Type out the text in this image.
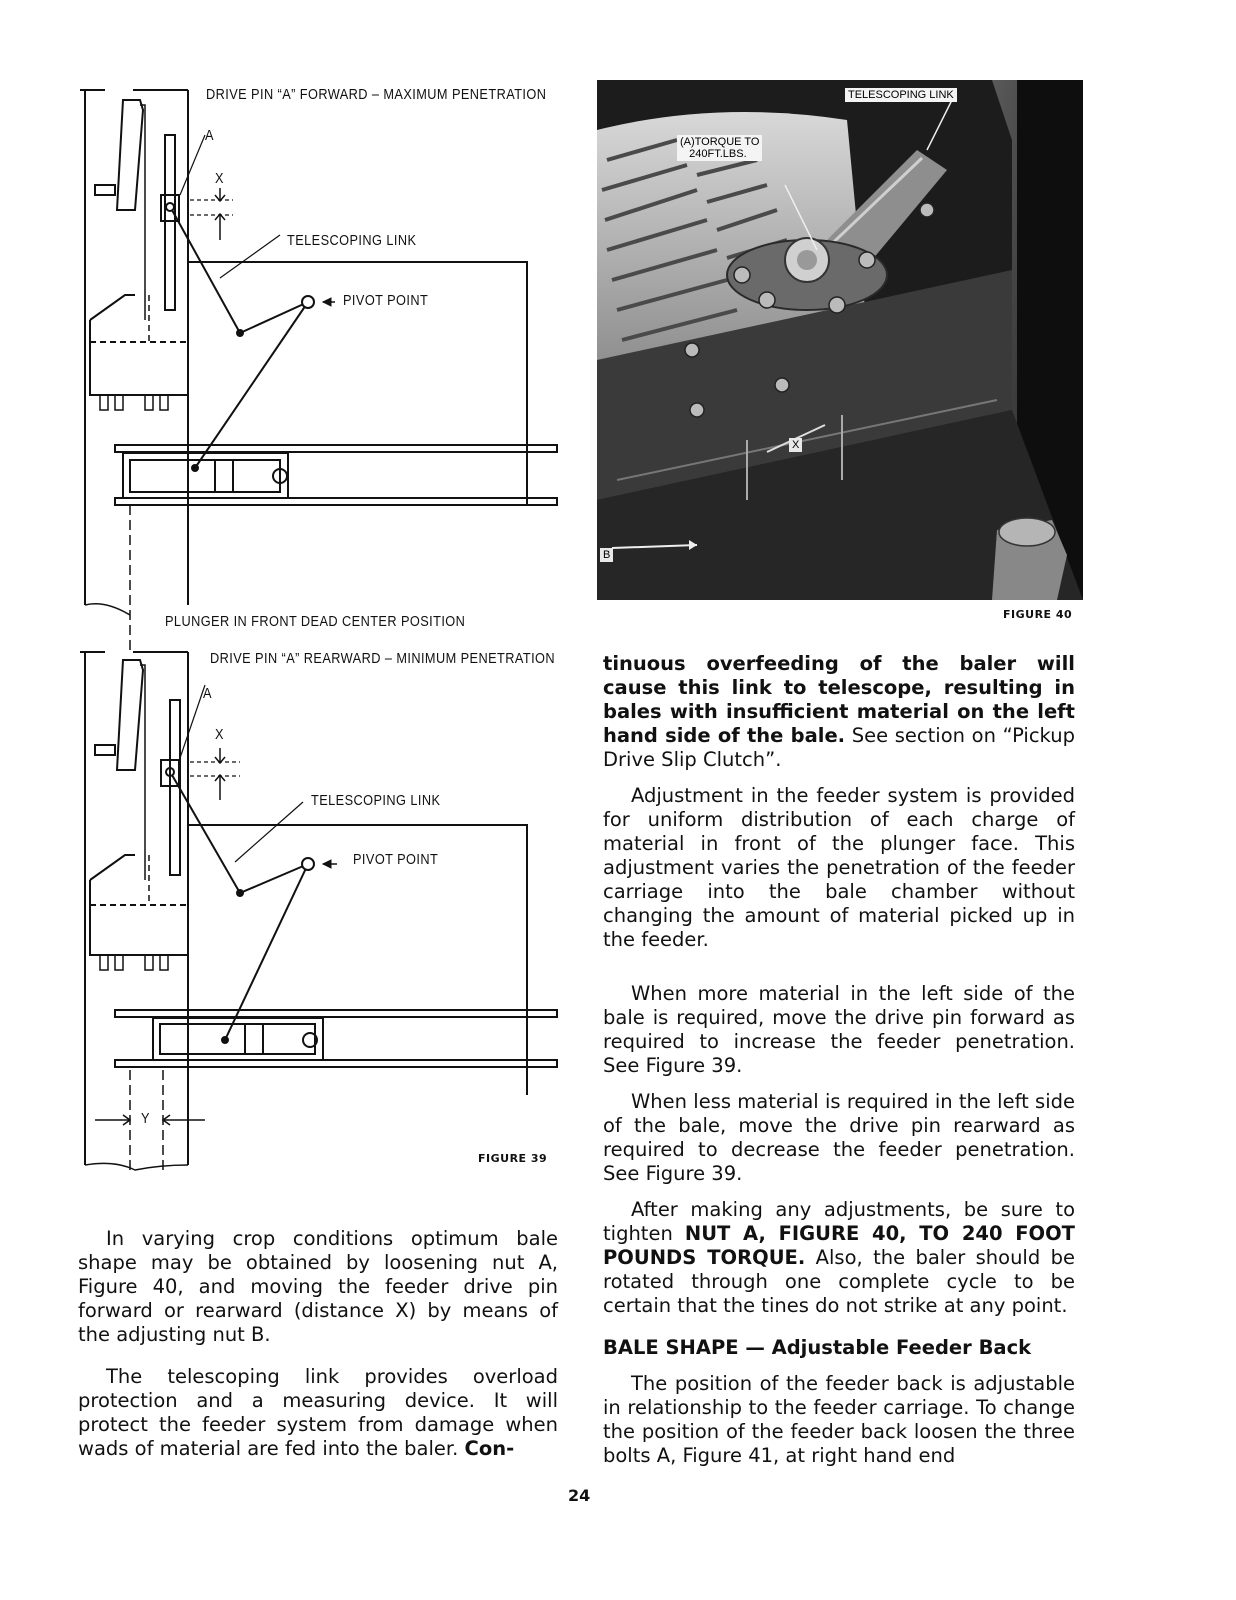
DRIVE PIN “A” FORWARD – MAXIMUM PENETRATION
A
X
TELESCOPING LINK
PIVOT POINT
PLUNGER IN FRONT DEAD CENTER POSITION
DRIVE PIN “A” REARWARD – MINIMUM PENETRATION
A
X
TELESCOPING LINK
PIVOT POINT
Y
FIGURE 39
TELESCOPING LINK
(A)TORQUE TO
240FT.LBS.
X
B
FIGURE 40

In varying crop conditions optimum bale shape may be obtained by loosening nut A, Figure 40, and moving the feeder drive pin forward or rearward (distance X) by means of the adjusting nut B.

The telescoping link provides overload protection and a measuring device. It will protect the feeder system from damage when wads of material are fed into the baler. Con-

tinuous overfeeding of the baler will cause this link to telescope, resulting in bales with insufficient material on the left hand side of the bale. See section on “Pickup Drive Slip Clutch”.

Adjustment in the feeder system is provided for uniform distribution of each charge of material in front of the plunger face. This adjustment varies the penetration of the feeder carriage into the bale chamber without changing the amount of material picked up in the feeder.

When more material in the left side of the bale is required, move the drive pin forward as required to increase the feeder penetration. See Figure 39.

When less material is required in the left side of the bale, move the drive pin rearward as required to decrease the feeder penetration. See Figure 39.

After making any adjustments, be sure to tighten NUT A, FIGURE 40, TO 240 FOOT POUNDS TORQUE. Also, the baler should be rotated through one complete cycle to be certain that the tines do not strike at any point.

BALE SHAPE — Adjustable Feeder Back

The position of the feeder back is adjustable in relationship to the feeder carriage. To change the position of the feeder back loosen the three bolts A, Figure 41, at right hand end

24
